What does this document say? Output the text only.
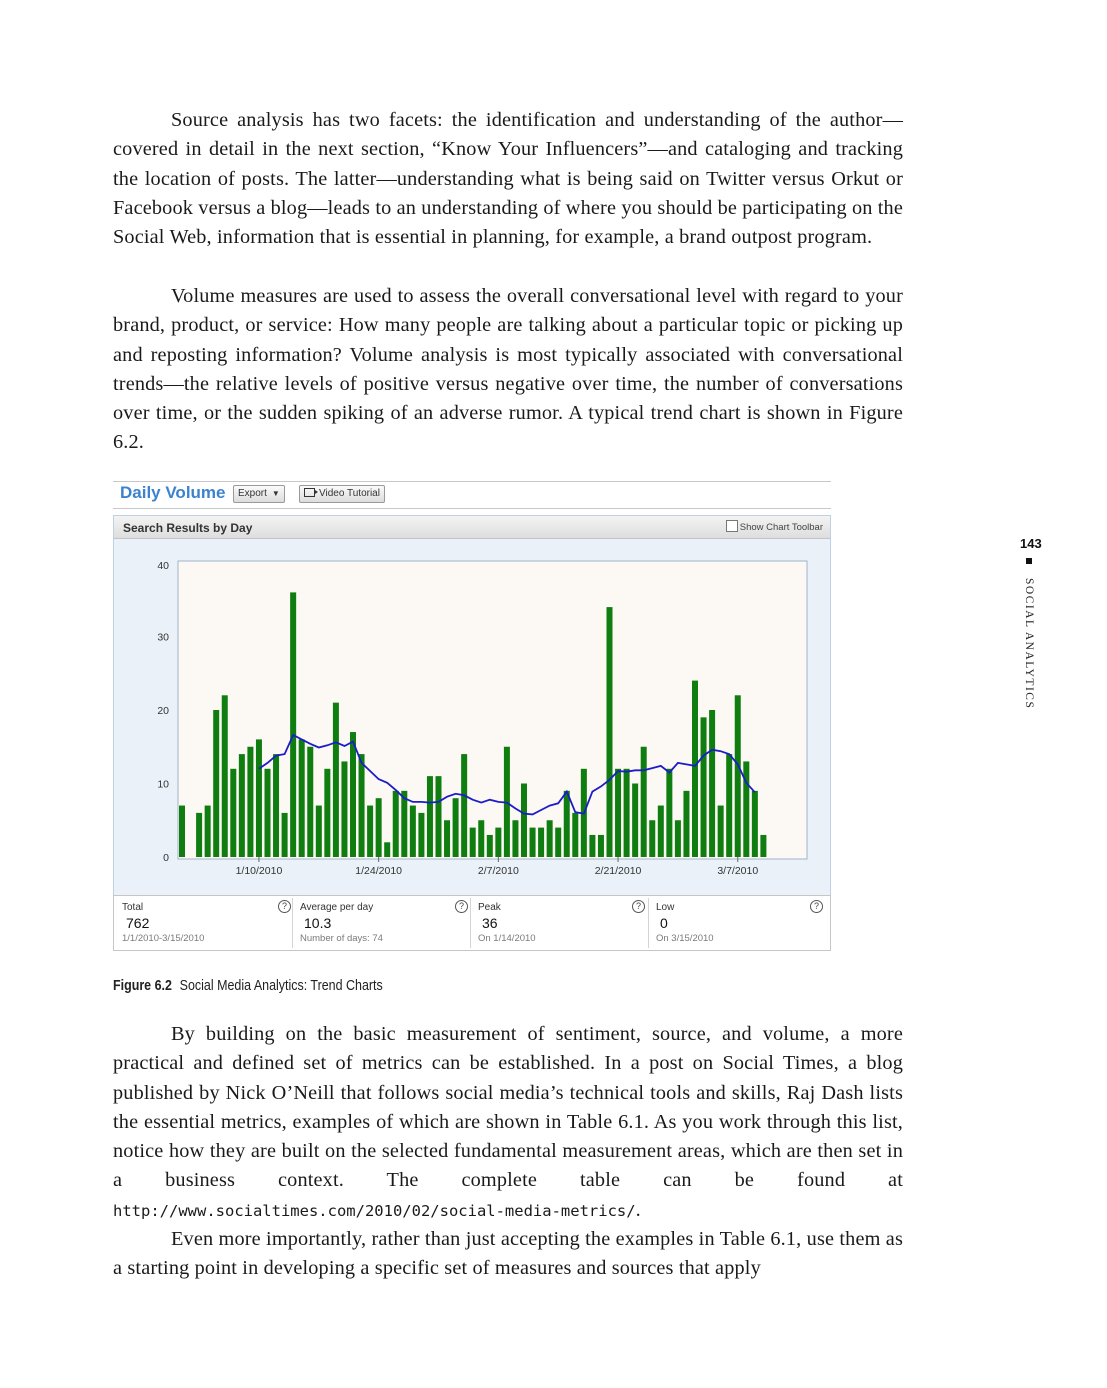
Source analysis has two facets: the identification and understanding of the author—covered in detail in the next section, “Know Your Influencers”—and cataloging and tracking the location of posts. The latter—understanding what is being said on Twitter versus Orkut or Facebook versus a blog—leads to an understanding of where you should be participating on the Social Web, information that is essential in planning, for example, a brand outpost program.

Volume measures are used to assess the overall conversational level with regard to your brand, product, or service: How many people are talking about a particular topic or picking up and reposting information? Volume analysis is most typically associated with conversational trends—the relative levels of positive versus negative over time, the number of conversations over time, or the sudden spiking of an adverse rumor. A typical trend chart is shown in Figure 6.2.

Daily Volume	Export ▼	Video Tutorial
0
10
20
30
40
1/10/2010	1/24/2010	2/7/2010	2/21/2010	3/7/2010
Search Results by Day	Show Chart Toolbar
Total
762
1/1/2010-3/15/2010
?	Average per day
10.3
Number of days: 74
?	Peak
36
On 1/14/2010
?	Low
0
On 3/15/2010
?
Figure 6.2 Social Media Analytics: Trend Charts

By building on the basic measurement of sentiment, source, and volume, a more practical and defined set of metrics can be established. In a post on Social Times, a blog published by Nick O’Neill that follows social media’s technical tools and skills, Raj Dash lists the essential metrics, examples of which are shown in Table 6.1. As you work through this list, notice how they are built on the selected fundamental measurement areas, which are then set in a business context. The complete table can be found at http://www.socialtimes.com/2010/02/social-media-metrics/.

Even more importantly, rather than just accepting the examples in Table 6.1, use them as a starting point in developing a specific set of measures and sources that apply

143
SOCIAL ANALYTICS
